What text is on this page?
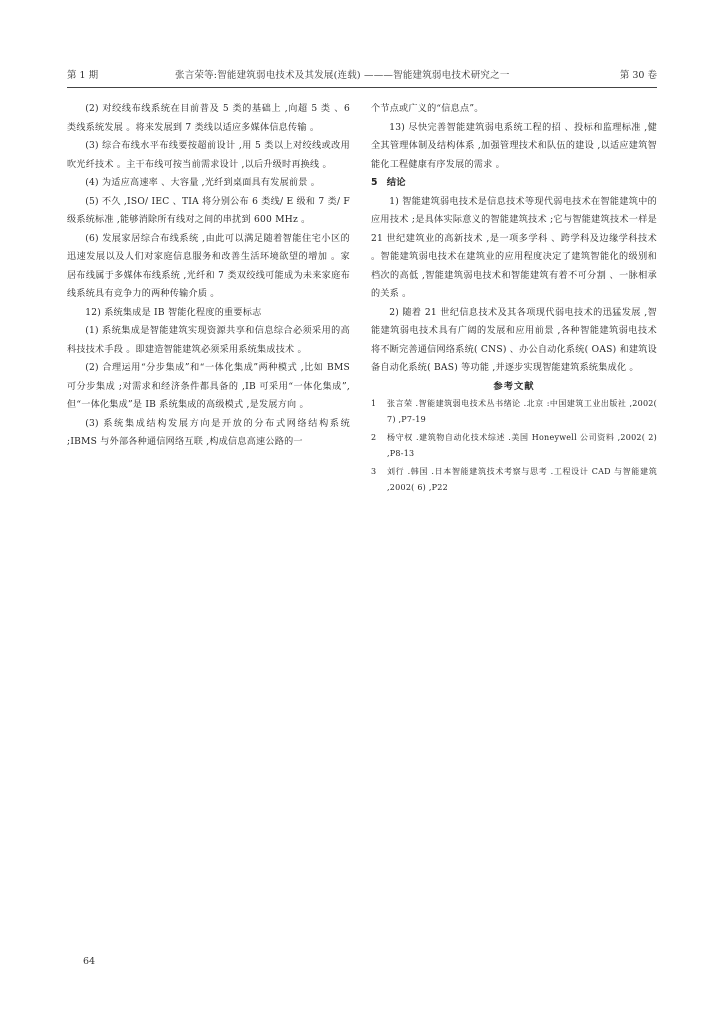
第 1 期	张言荣等:智能建筑弱电技术及其发展(连载) ———智能建筑弱电技术研究之一	第 30 卷

(2) 对绞线布线系统在目前普及 5 类的基础上 ,向超 5 类 、6 类线系统发展 。将来发展到 7 类线以适应多媒体信息传输 。

(3) 综合布线水平布线要按超前设计 ,用 5 类以上对绞线或改用吹光纤技术 。主干布线可按当前需求设计 ,以后升级时再换线 。

(4) 为适应高速率 、大容量 ,光纤到桌面具有发展前景 。

(5) 不久 ,ISO/ IEC 、TIA 将分别公布 6 类线/ E 级和 7 类/ F 级系统标准 ,能够消除所有线对之间的串扰到 600 MHz 。

(6) 发展家居综合布线系统 ,由此可以满足随着智能住宅小区的迅速发展以及人们对家庭信息服务和改善生活环境欲望的增加 。家居布线属于多媒体布线系统 ,光纤和 7 类双绞线可能成为未来家庭布线系统具有竞争力的两种传输介质 。

12) 系统集成是 IB 智能化程度的重要标志

(1) 系统集成是智能建筑实现资源共享和信息综合必须采用的高科技技术手段 。即建造智能建筑必须采用系统集成技术 。

(2) 合理运用“分步集成”和“一体化集成”两种模式 ,比如 BMS 可分步集成 ;对需求和经济条件都具备的 ,IB 可采用“一体化集成”,但“一体化集成”是 IB 系统集成的高级模式 ,是发展方向 。

(3) 系统集成结构发展方向是开放的分布式网络结构系统 ;IBMS 与外部各种通信网络互联 ,构成信息高速公路的一

个节点或广义的“信息点”。

13) 尽快完善智能建筑弱电系统工程的招 、投标和监理标准 ,健全其管理体制及结构体系 ,加强管理技术和队伍的建设 ,以适应建筑智能化工程健康有序发展的需求 。

5 结论

1) 智能建筑弱电技术是信息技术等现代弱电技术在智能建筑中的应用技术 ;是具体实际意义的智能建筑技术 ;它与智能建筑技术一样是 21 世纪建筑业的高新技术 ,是一项多学科 、跨学科及边缘学科技术 。智能建筑弱电技术在建筑业的应用程度决定了建筑智能化的级别和档次的高低 ,智能建筑弱电技术和智能建筑有着不可分割 、一脉相承的关系 。

2) 随着 21 世纪信息技术及其各项现代弱电技术的迅猛发展 ,智能建筑弱电技术具有广阔的发展和应用前景 ,各种智能建筑弱电技术将不断完善通信网络系统( CNS) 、办公自动化系统( OAS) 和建筑设备自动化系统( BAS) 等功能 ,并逐步实现智能建筑系统集成化 。

参考文献
1	张言荣 .智能建筑弱电技术丛书绪论 .北京 :中国建筑工业出版社 ,2002( 7) ,P7-19
2	杨守权 .建筑物自动化技术综述 .美国 Honeywell 公司资料 ,2002( 2) ,P8-13
3	刘行 .韩国 .日本智能建筑技术考察与思考 .工程设计 CAD 与智能建筑 ,2002( 6) ,P22
64
